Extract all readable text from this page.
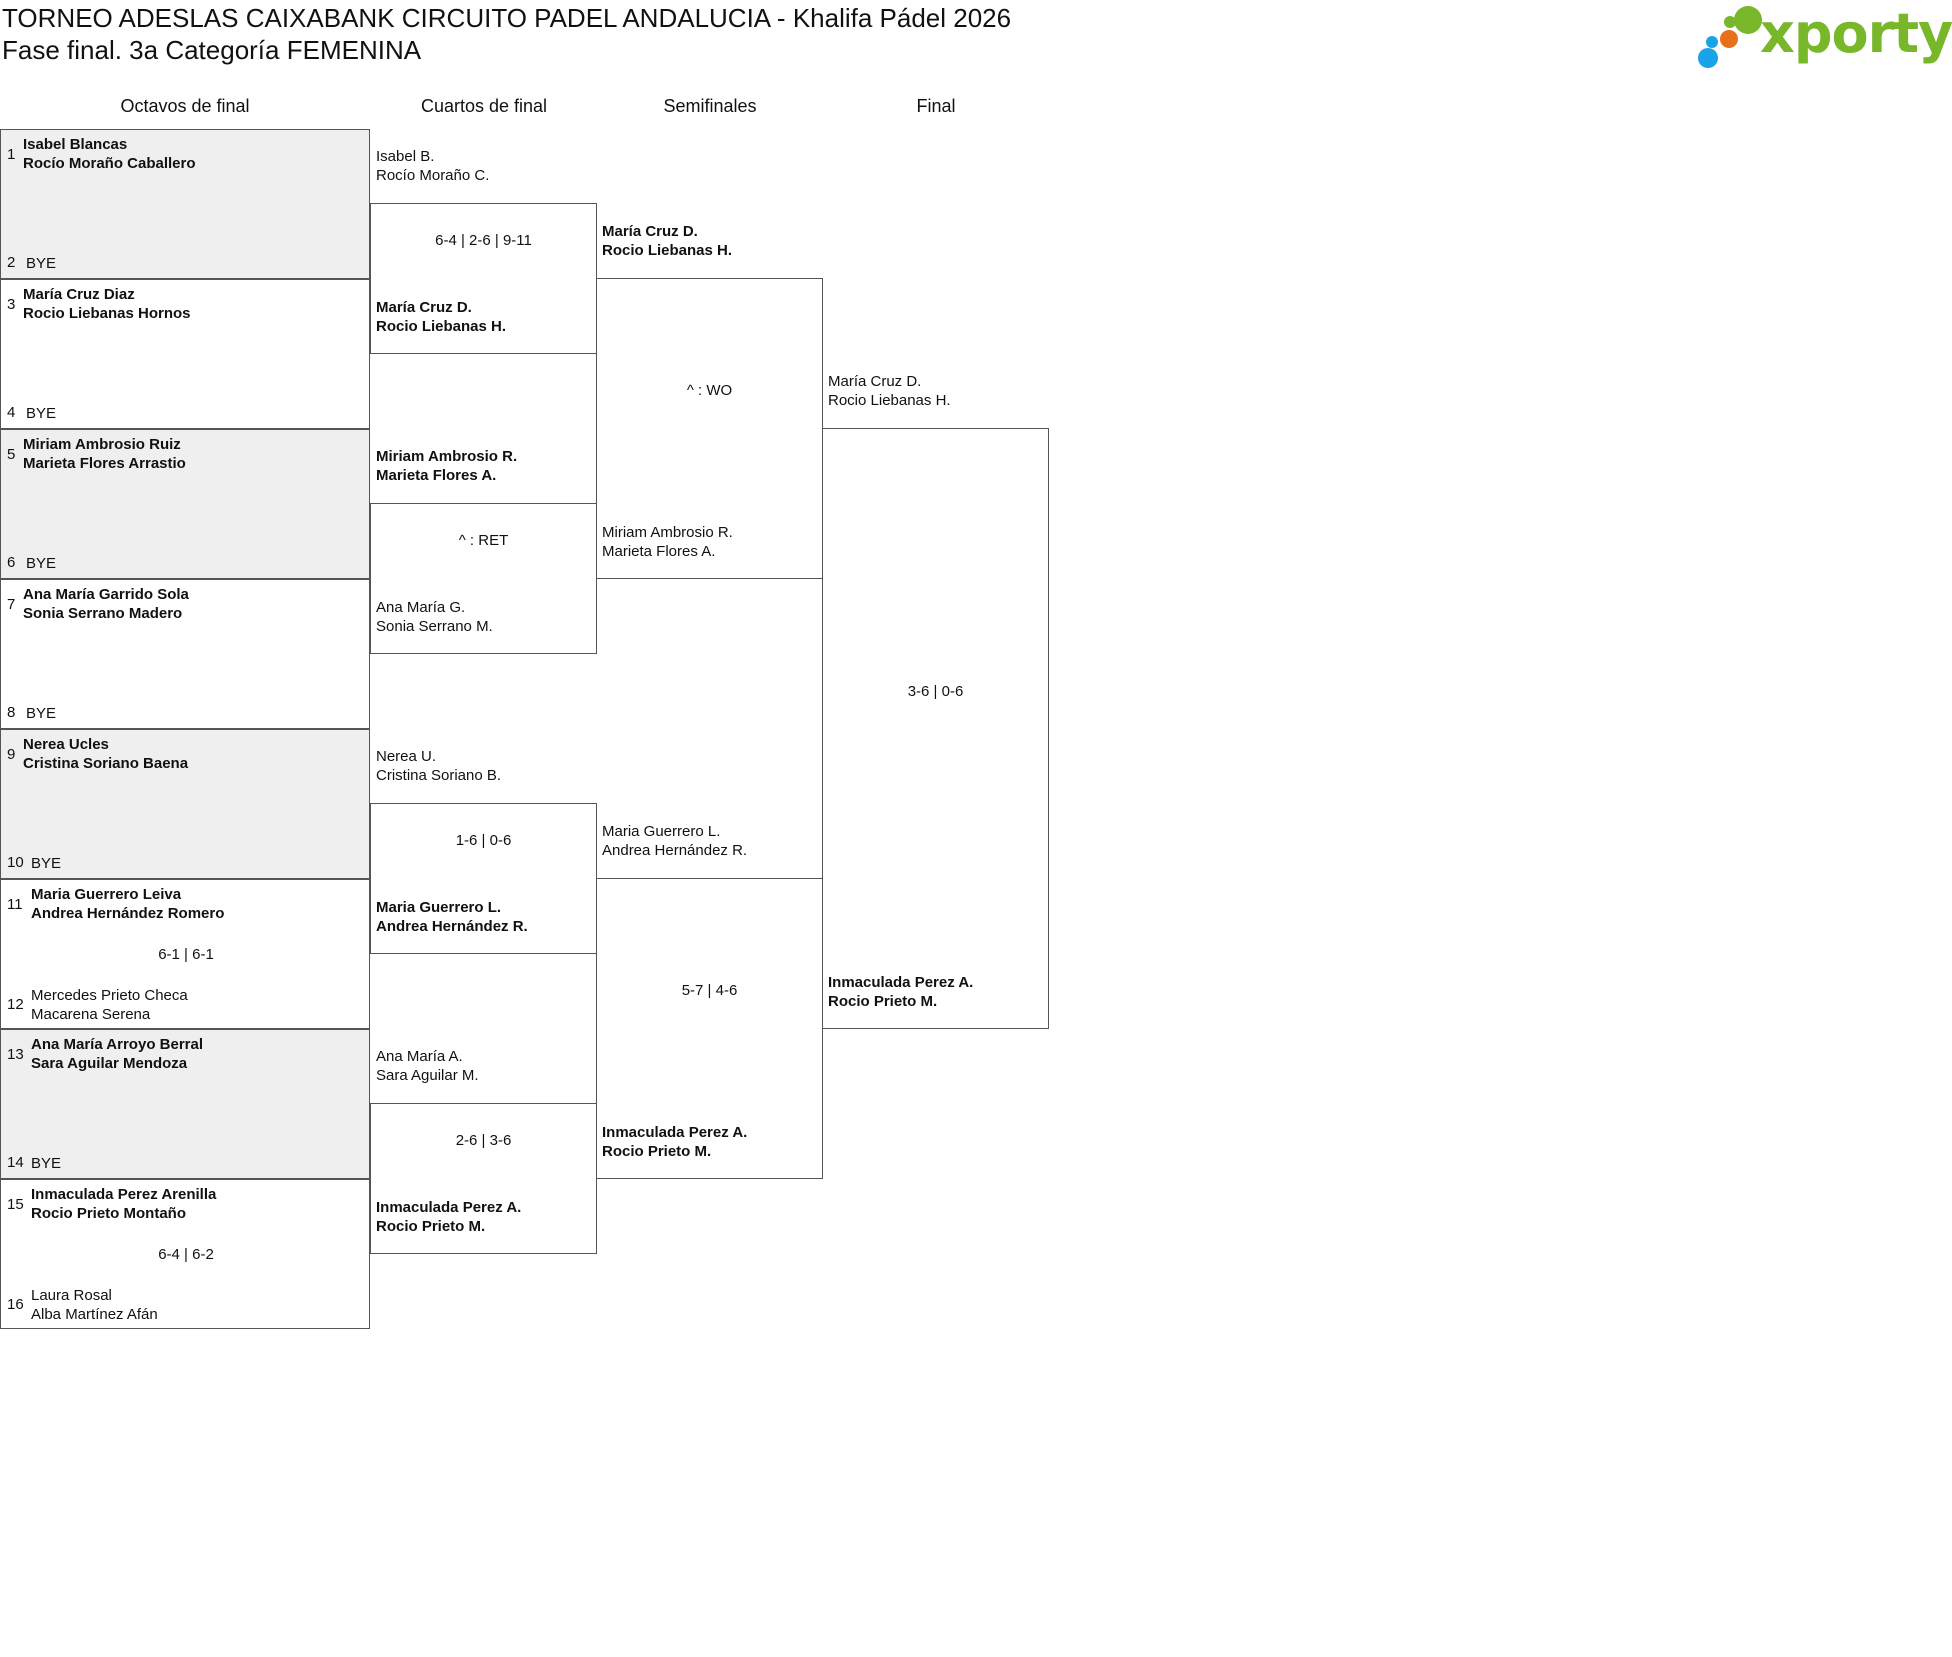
TORNEO ADESLAS CAIXABANK CIRCUITO PADEL ANDALUCIA - Khalifa Pádel 2026
Fase final. 3a Categoría FEMENINA	xporty
Octavos de final	Cuartos de final	Semifinales	Final
1
Isabel Blancas
Rocío Moraño Caballero
2 BYE
3
María Cruz Diaz
Rocio Liebanas Hornos
4 BYE
5
Miriam Ambrosio Ruiz
Marieta Flores Arrastio
6 BYE
7
Ana María Garrido Sola
Sonia Serrano Madero
8 BYE
9
Nerea Ucles
Cristina Soriano Baena
10 BYE
11
Maria Guerrero Leiva
Andrea Hernández Romero
12
Mercedes Prieto Checa
Macarena Serena
6-1 | 6-1
13
Ana María Arroyo Berral
Sara Aguilar Mendoza
14 BYE
15
Inmaculada Perez Arenilla
Rocio Prieto Montaño
16
Laura Rosal
Alba Martínez Afán
6-4 | 6-2
Isabel B.
Rocío Moraño C.
María Cruz D.
Rocio Liebanas H.
6-4 | 2-6 | 9-11
Miriam Ambrosio R.
Marieta Flores A.
Ana María G.
Sonia Serrano M.
^ : RET
Nerea U.
Cristina Soriano B.
Maria Guerrero L.
Andrea Hernández R.
1-6 | 0-6
Ana María A.
Sara Aguilar M.
Inmaculada Perez A.
Rocio Prieto M.
2-6 | 3-6
María Cruz D.
Rocio Liebanas H.
Miriam Ambrosio R.
Marieta Flores A.
^ : WO
Maria Guerrero L.
Andrea Hernández R.
Inmaculada Perez A.
Rocio Prieto M.
5-7 | 4-6
María Cruz D.
Rocio Liebanas H.
Inmaculada Perez A.
Rocio Prieto M.
3-6 | 0-6
